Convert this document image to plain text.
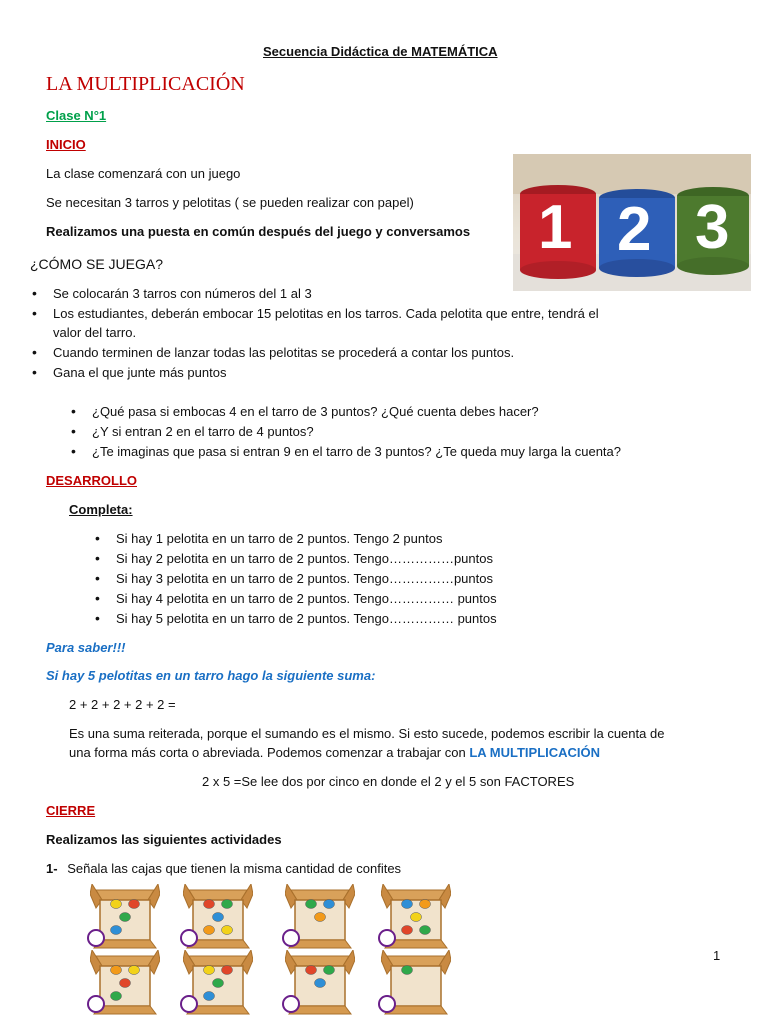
Secuencia Didáctica de MATEMÁTICA
LA MULTIPLICACIÓN
Clase N°1
INICIO
La clase comenzará con un juego
Se necesitan 3 tarros y pelotitas ( se pueden realizar con papel)
Realizamos una puesta en común después del juego y conversamos 1 2 3
¿CÓMO SE JUEGA?
• Se colocarán 3 tarros con números del 1 al 3
• Los estudiantes, deberán embocar 15 pelotitas en los tarros. Cada pelotita que entre, tendrá el
valor del tarro.
• Cuando terminen de lanzar todas las pelotitas se procederá a contar los puntos.
• Gana el que junte más puntos
• ¿Qué pasa si embocas 4 en el tarro de 3 puntos? ¿Qué cuenta debes hacer?
• ¿Y si entran 2 en el tarro de 4 puntos?
• ¿Te imaginas que pasa si entran 9 en el tarro de 3 puntos? ¿Te queda muy larga la cuenta?
DESARROLLO
Completa:
• Si hay 1 pelotita en un tarro de 2 puntos. Tengo 2 puntos
• Si hay 2 pelotita en un tarro de 2 puntos. Tengo……………puntos
• Si hay 3 pelotita en un tarro de 2 puntos. Tengo……………puntos
• Si hay 4 pelotita en un tarro de 2 puntos. Tengo…………… puntos
• Si hay 5 pelotita en un tarro de 2 puntos. Tengo…………… puntos
Para saber!!!
Si hay 5 pelotitas en un tarro hago la siguiente suma:
2 + 2 + 2 + 2 + 2 =
Es una suma reiterada, porque el sumando es el mismo. Si esto sucede, podemos escribir la cuenta de
una forma más corta o abreviada. Podemos comenzar a trabajar con LA MULTIPLICACIÓN
2 x 5 =Se lee dos por cinco en donde el 2 y el 5 son FACTORES
CIERRE
Realizamos las siguientes actividades
1- Señala las cajas que tienen la misma cantidad de confites
1
